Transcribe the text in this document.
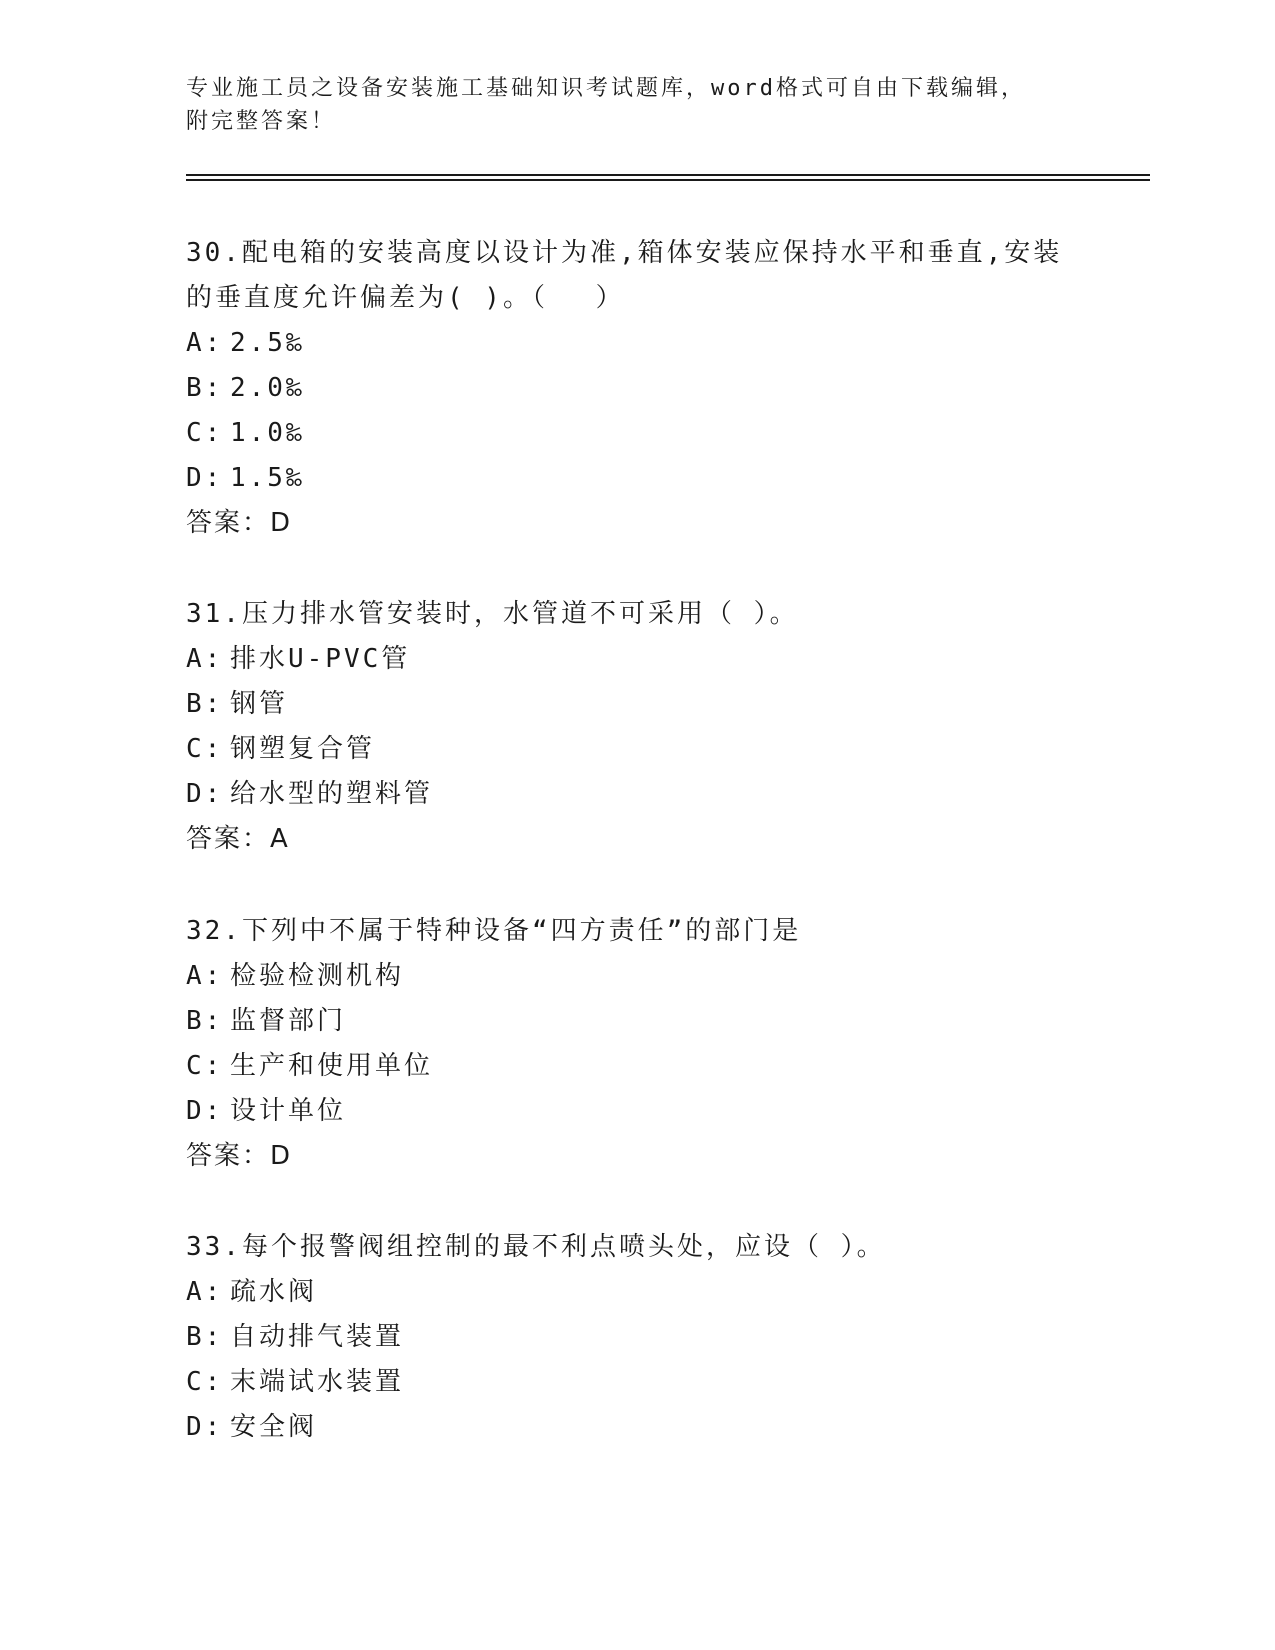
专业施工员之设备安装施工基础知识考试题库，word格式可自由下载编辑，附完整答案！

30.配电箱的安装高度以设计为准,箱体安装应保持水平和垂直,安装的垂直度允许偏差为( )。（　 ）

A: 2.5‰

B: 2.0‰

C: 1.0‰

D: 1.5‰

答案：D

31.压力排水管安装时，水管道不可采用（ ）。

A: 排水U-PVC管

B: 钢管

C: 钢塑复合管

D: 给水型的塑料管

答案：A

32.下列中不属于特种设备“四方责任”的部门是

A: 检验检测机构

B: 监督部门

C: 生产和使用单位

D: 设计单位

答案：D

33.每个报警阀组控制的最不利点喷头处，应设（ ）。

A: 疏水阀

B: 自动排气装置

C: 末端试水装置

D: 安全阀
